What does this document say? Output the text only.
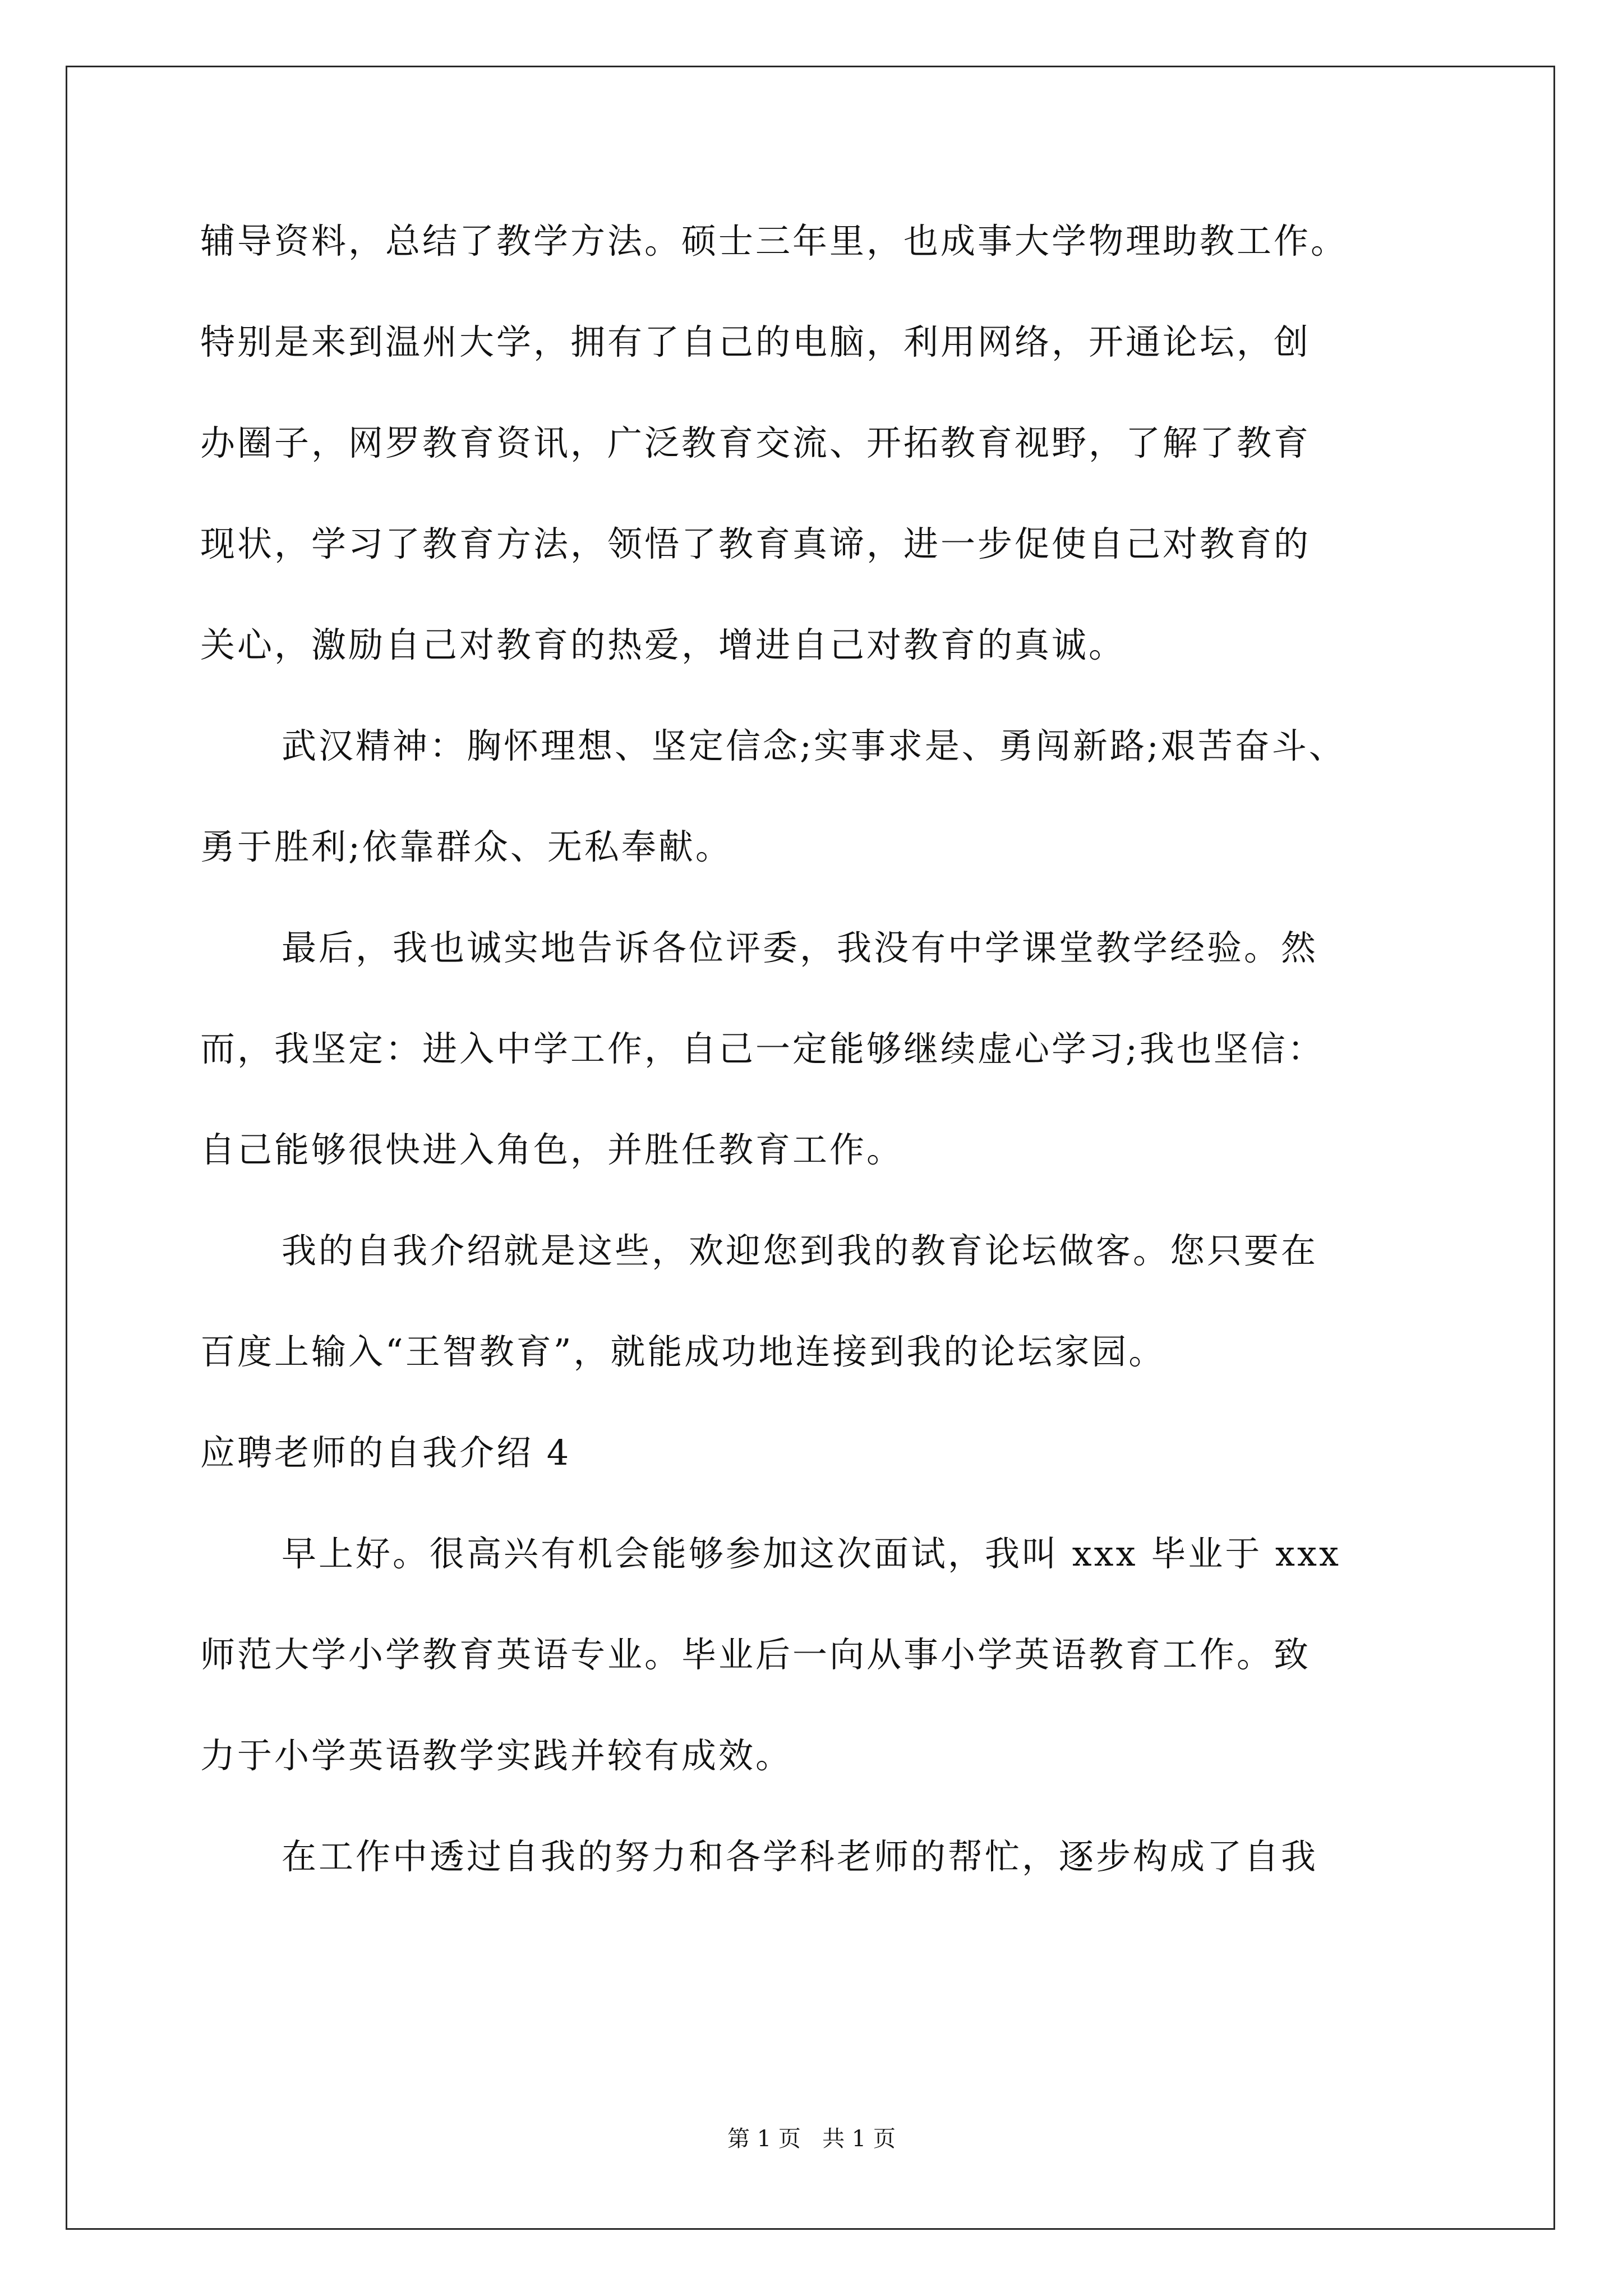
辅导资料，总结了教学方法。硕士三年里，也成事大学物理助教工作。
特别是来到温州大学，拥有了自己的电脑，利用网络，开通论坛，创
办圈子，网罗教育资讯，广泛教育交流、开拓教育视野，了解了教育
现状，学习了教育方法，领悟了教育真谛，进一步促使自己对教育的
关心，激励自己对教育的热爱，增进自己对教育的真诚。
武汉精神：胸怀理想、坚定信念;实事求是、勇闯新路;艰苦奋斗、
勇于胜利;依靠群众、无私奉献。
最后，我也诚实地告诉各位评委，我没有中学课堂教学经验。然
而，我坚定：进入中学工作，自己一定能够继续虚心学习;我也坚信：
自己能够很快进入角色，并胜任教育工作。
我的自我介绍就是这些，欢迎您到我的教育论坛做客。您只要在
百度上输入“王智教育”，就能成功地连接到我的论坛家园。
应聘老师的自我介绍 4
早上好。很高兴有机会能够参加这次面试，我叫 xxx 毕业于 xxx
师范大学小学教育英语专业。毕业后一向从事小学英语教育工作。致
力于小学英语教学实践并较有成效。
在工作中透过自我的努力和各学科老师的帮忙，逐步构成了自我
第 1 页   共 1 页
